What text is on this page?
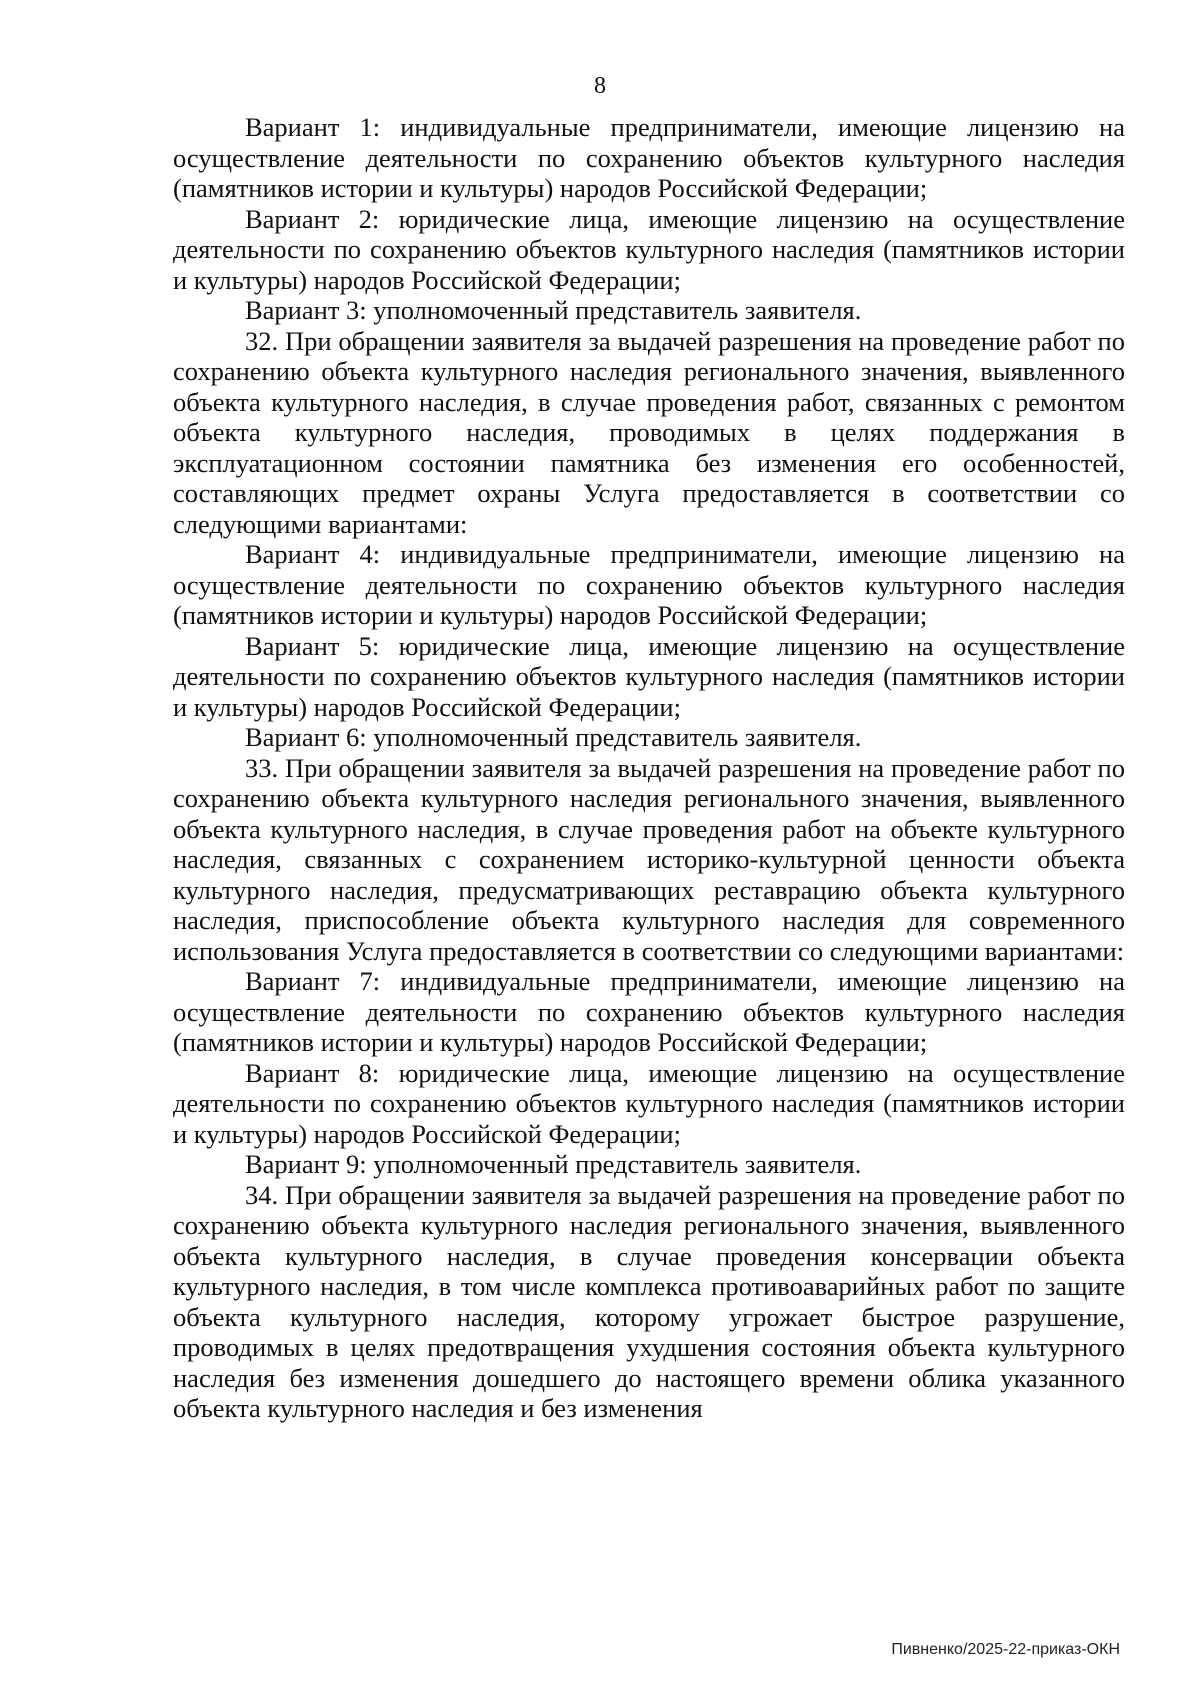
8

Вариант 1: индивидуальные предприниматели, имеющие лицензию на осуществление деятельности по сохранению объектов культурного наследия (памятников истории и культуры) народов Российской Федерации;

Вариант 2: юридические лица, имеющие лицензию на осуществление деятельности по сохранению объектов культурного наследия (памятников истории и культуры) народов Российской Федерации;

Вариант 3: уполномоченный представитель заявителя.

32. При обращении заявителя за выдачей разрешения на проведение работ по сохранению объекта культурного наследия регионального значения, выявленного объекта культурного наследия, в случае проведения работ, связанных с ремонтом объекта культурного наследия, проводимых в целях поддержания в эксплуатационном состоянии памятника без изменения его особенностей, составляющих предмет охраны Услуга предоставляется в соответствии со следующими вариантами:

Вариант 4: индивидуальные предприниматели, имеющие лицензию на осуществление деятельности по сохранению объектов культурного наследия (памятников истории и культуры) народов Российской Федерации;

Вариант 5: юридические лица, имеющие лицензию на осуществление деятельности по сохранению объектов культурного наследия (памятников истории и культуры) народов Российской Федерации;

Вариант 6: уполномоченный представитель заявителя.

33. При обращении заявителя за выдачей разрешения на проведение работ по сохранению объекта культурного наследия регионального значения, выявленного объекта культурного наследия, в случае проведения работ на объекте культурного наследия, связанных с сохранением историко-культурной ценности объекта культурного наследия, предусматривающих реставрацию объекта культурного наследия, приспособление объекта культурного наследия для современного использования Услуга предоставляется в соответствии со следующими вариантами:

Вариант 7: индивидуальные предприниматели, имеющие лицензию на осуществление деятельности по сохранению объектов культурного наследия (памятников истории и культуры) народов Российской Федерации;

Вариант 8: юридические лица, имеющие лицензию на осуществление деятельности по сохранению объектов культурного наследия (памятников истории и культуры) народов Российской Федерации;

Вариант 9: уполномоченный представитель заявителя.

34. При обращении заявителя за выдачей разрешения на проведение работ по сохранению объекта культурного наследия регионального значения, выявленного объекта культурного наследия, в случае проведения консервации объекта культурного наследия, в том числе комплекса противоаварийных работ по защите объекта культурного наследия, которому угрожает быстрое разрушение, проводимых в целях предотвращения ухудшения состояния объекта культурного наследия без изменения дошедшего до настоящего времени облика указанного объекта культурного наследия и без изменения

Пивненко/2025-22-приказ-ОКН
